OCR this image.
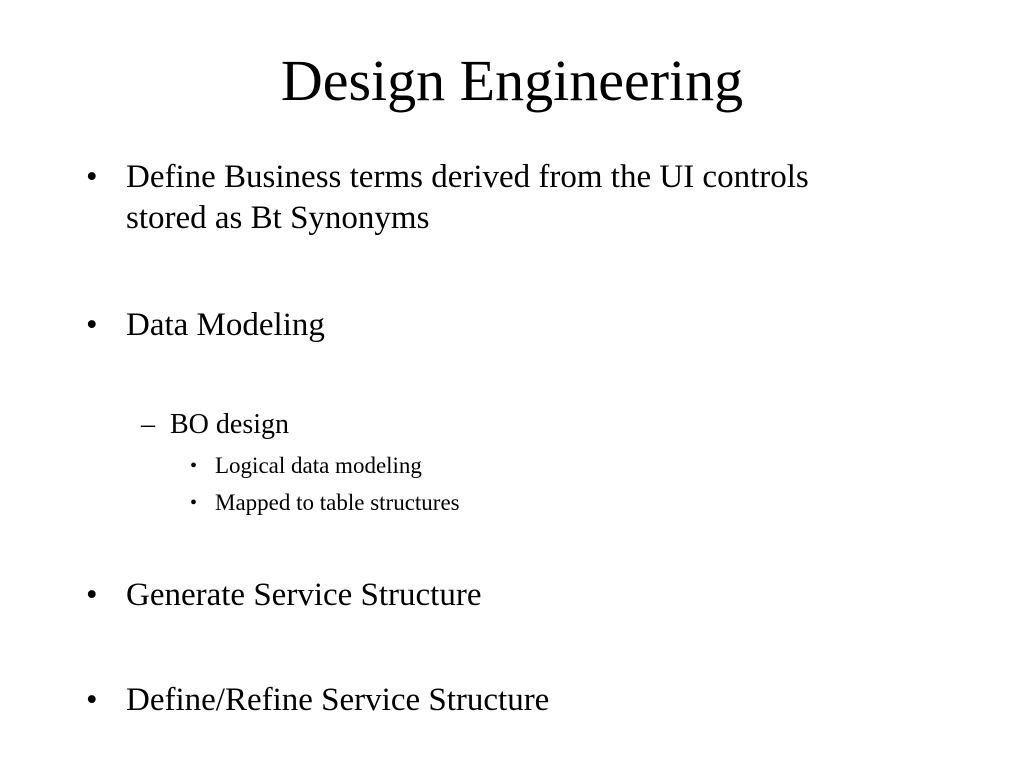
Design Engineering
• Define Business terms derived from the UI controls stored as Bt Synonyms
• Data Modeling
– BO design
• Logical data modeling
• Mapped to table structures
• Generate Service Structure
• Define/Refine Service Structure
